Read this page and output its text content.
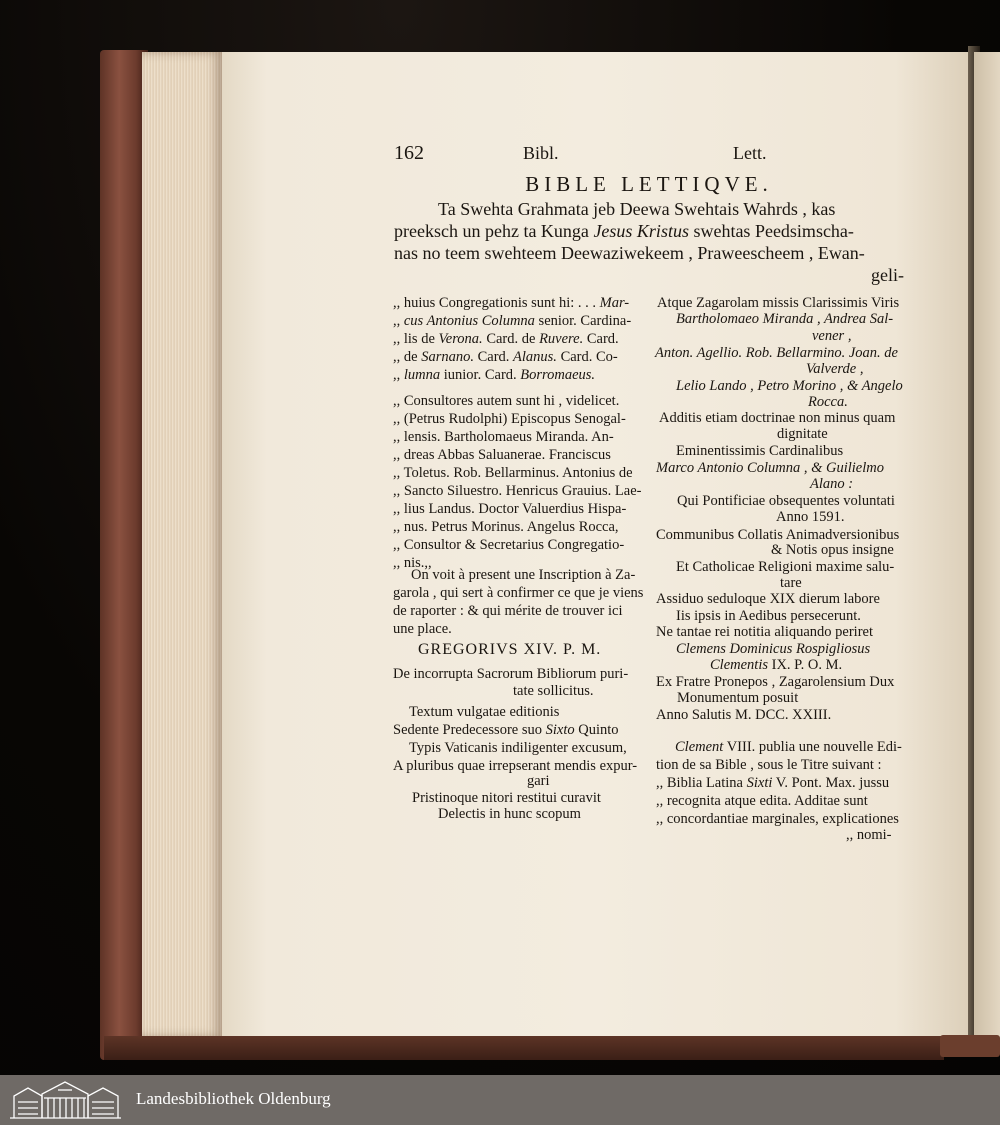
162	Bibl.	Lett.
BIBLE LETTIQVE.
Ta Swehta Grahmata jeb Deewa Swehtais Wahrds , kas
preeksch un pehz ta Kunga Jesus Kristus swehtas Peedsimscha-
nas no teem swehteem Deewaziwekeem , Praweescheem , Ewan-
geli-
,, huius Congregationis sunt hi: . . . Mar-
,, cus Antonius Columna senior. Cardina-
,, lis de Verona. Card. de Ruvere. Card.
,, de Sarnano. Card. Alanus. Card. Co-
,, lumna iunior. Card. Borromaeus.
,, Consultores autem sunt hi , videlicet.
,, (Petrus Rudolphi) Episcopus Senogal-
,, lensis. Bartholomaeus Miranda. An-
,, dreas Abbas Saluanerae. Franciscus
,, Toletus. Rob. Bellarminus. Antonius de
,, Sancto Siluestro. Henricus Grauius. Lae-
,, lius Landus. Doctor Valuerdius Hispa-
,, nus. Petrus Morinus. Angelus Rocca,
,, Consultor & Secretarius Congregatio-
,, nis.,,
On voit à present une Inscription à Za-
garola , qui sert à confirmer ce que je viens
de raporter : & qui mérite de trouver ici
une place.
GREGORIVS XIV. P. M.
De incorrupta Sacrorum Bibliorum puri-
tate sollicitus.
Textum vulgatae editionis
Sedente Predecessore suo Sixto Quinto
Typis Vaticanis indiligenter excusum,
A pluribus quae irrepserant mendis expur-
gari
Pristinoque nitori restitui curavit
Delectis in hunc scopum
Atque Zagarolam missis Clarissimis Viris
Bartholomaeo Miranda , Andrea Sal-
vener ,
Anton. Agellio. Rob. Bellarmino. Joan. de
Valverde ,
Lelio Lando , Petro Morino , & Angelo
Rocca.
Additis etiam doctrinae non minus quam
dignitate
Eminentissimis Cardinalibus
Marco Antonio Columna , & Guilielmo
Alano :
Qui Pontificiae obsequentes voluntati
Anno 1591.
Communibus Collatis Animadversionibus
& Notis opus insigne
Et Catholicae Religioni maxime salu-
tare
Assiduo seduloque XIX dierum labore
Iis ipsis in Aedibus persecerunt.
Ne tantae rei notitia aliquando periret
Clemens Dominicus Rospigliosus
Clementis IX. P. O. M.
Ex Fratre Pronepos , Zagarolensium Dux
Monumentum posuit
Anno Salutis M. DCC. XXIII.
Clement VIII. publia une nouvelle Edi-
tion de sa Bible , sous le Titre suivant :
,, Biblia Latina Sixti V. Pont. Max. jussu
,, recognita atque edita. Additae sunt
,, concordantiae marginales, explicationes
,, nomi-
Landesbibliothek Oldenburg
